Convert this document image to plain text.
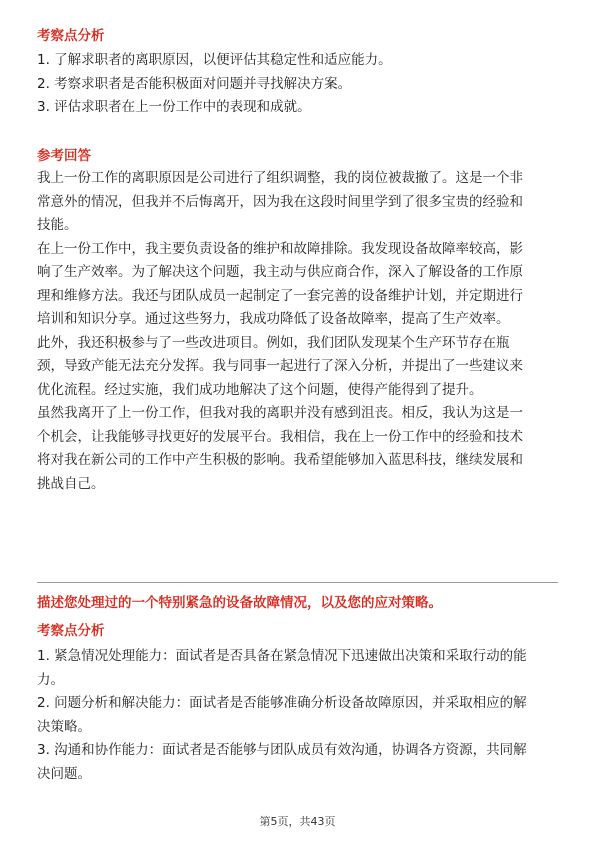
考察点分析
1. 了解求职者的离职原因，以便评估其稳定性和适应能力。
2. 考察求职者是否能积极面对问题并寻找解决方案。
3. 评估求职者在上一份工作中的表现和成就。
参考回答
我上一份工作的离职原因是公司进行了组织调整，我的岗位被裁撤了。这是一个非
常意外的情况，但我并不后悔离开，因为我在这段时间里学到了很多宝贵的经验和
技能。
在上一份工作中，我主要负责设备的维护和故障排除。我发现设备故障率较高，影
响了生产效率。为了解决这个问题，我主动与供应商合作，深入了解设备的工作原
理和维修方法。我还与团队成员一起制定了一套完善的设备维护计划，并定期进行
培训和知识分享。通过这些努力，我成功降低了设备故障率，提高了生产效率。
此外，我还积极参与了一些改进项目。例如，我们团队发现某个生产环节存在瓶
颈，导致产能无法充分发挥。我与同事一起进行了深入分析，并提出了一些建议来
优化流程。经过实施，我们成功地解决了这个问题，使得产能得到了提升。
虽然我离开了上一份工作，但我对我的离职并没有感到沮丧。相反，我认为这是一
个机会，让我能够寻找更好的发展平台。我相信，我在上一份工作中的经验和技术
将对我在新公司的工作中产生积极的影响。我希望能够加入蓝思科技，继续发展和
挑战自己。
描述您处理过的一个特别紧急的设备故障情况，以及您的应对策略。
考察点分析
1. 紧急情况处理能力：面试者是否具备在紧急情况下迅速做出决策和采取行动的能
力。
2. 问题分析和解决能力：面试者是否能够准确分析设备故障原因，并采取相应的解
决策略。
3. 沟通和协作能力：面试者是否能够与团队成员有效沟通，协调各方资源，共同解
决问题。
第5页，共43页
